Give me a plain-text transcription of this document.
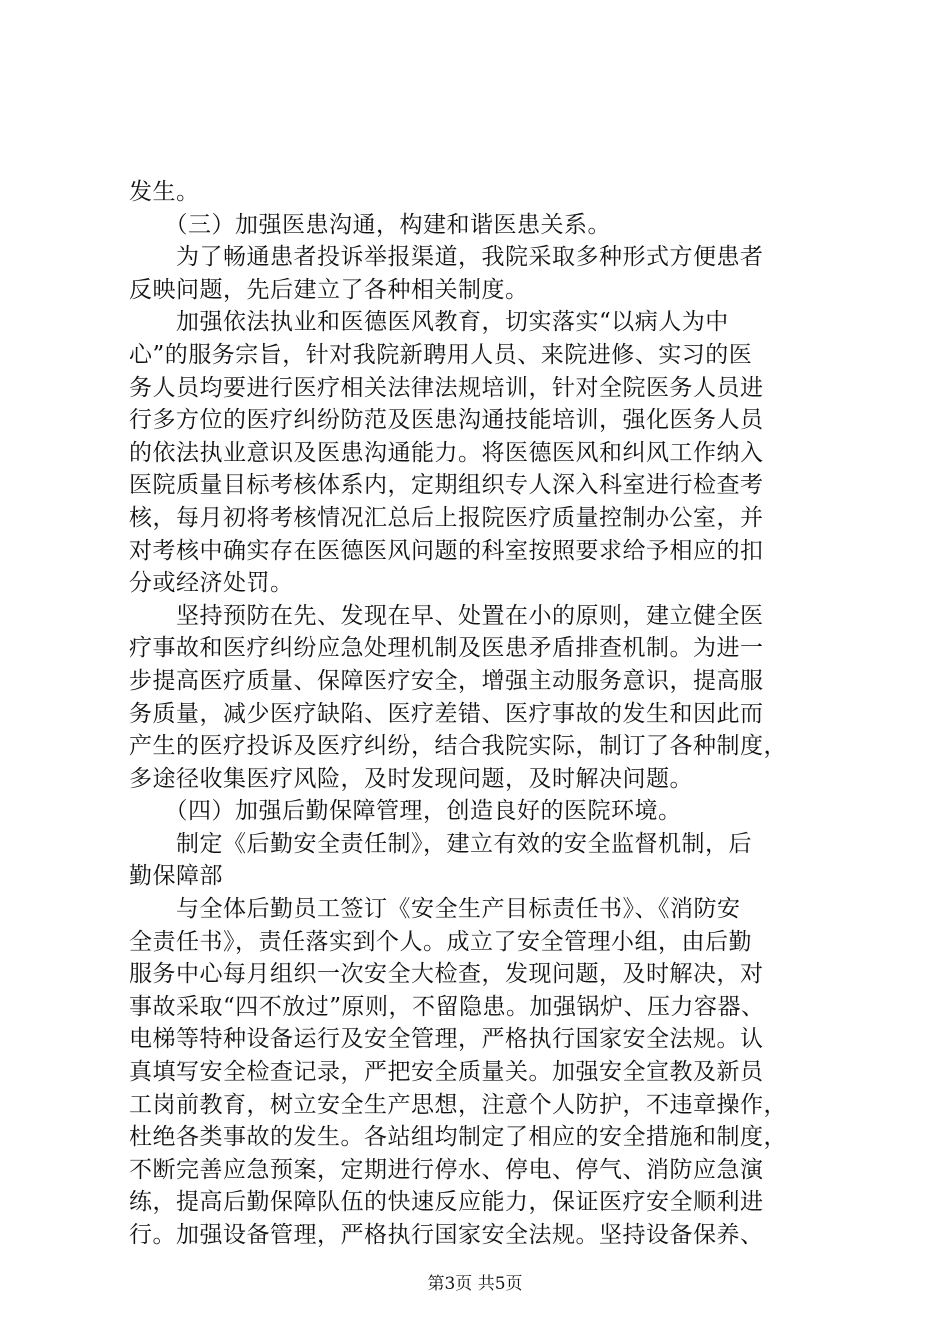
发生。
　　（三）加强医患沟通，构建和谐医患关系。
　　为了畅通患者投诉举报渠道，我院采取多种形式方便患者
反映问题，先后建立了各种相关制度。
　　加强依法执业和医德医风教育，切实落实“以病人为中
心”的服务宗旨，针对我院新聘用人员、来院进修、实习的医
务人员均要进行医疗相关法律法规培训，针对全院医务人员进
行多方位的医疗纠纷防范及医患沟通技能培训，强化医务人员
的依法执业意识及医患沟通能力。将医德医风和纠风工作纳入
医院质量目标考核体系内，定期组织专人深入科室进行检查考
核，每月初将考核情况汇总后上报院医疗质量控制办公室，并
对考核中确实存在医德医风问题的科室按照要求给予相应的扣
分或经济处罚。
　　坚持预防在先、发现在早、处置在小的原则，建立健全医
疗事故和医疗纠纷应急处理机制及医患矛盾排查机制。为进一
步提高医疗质量、保障医疗安全，增强主动服务意识，提高服
务质量，减少医疗缺陷、医疗差错、医疗事故的发生和因此而
产生的医疗投诉及医疗纠纷，结合我院实际，制订了各种制度，
多途径收集医疗风险，及时发现问题，及时解决问题。
　　（四）加强后勤保障管理，创造良好的医院环境。
　　制定《后勤安全责任制》，建立有效的安全监督机制，后
勤保障部
　　与全体后勤员工签订《安全生产目标责任书》、《消防安
全责任书》，责任落实到个人。成立了安全管理小组，由后勤
服务中心每月组织一次安全大检查，发现问题，及时解决，对
事故采取“四不放过”原则，不留隐患。加强锅炉、压力容器、
电梯等特种设备运行及安全管理，严格执行国家安全法规。认
真填写安全检查记录，严把安全质量关。加强安全宣教及新员
工岗前教育，树立安全生产思想，注意个人防护，不违章操作，
杜绝各类事故的发生。各站组均制定了相应的安全措施和制度，
不断完善应急预案，定期进行停水、停电、停气、消防应急演
练，提高后勤保障队伍的快速反应能力，保证医疗安全顺利进
行。加强设备管理，严格执行国家安全法规。坚持设备保养、
第3页 共5页
